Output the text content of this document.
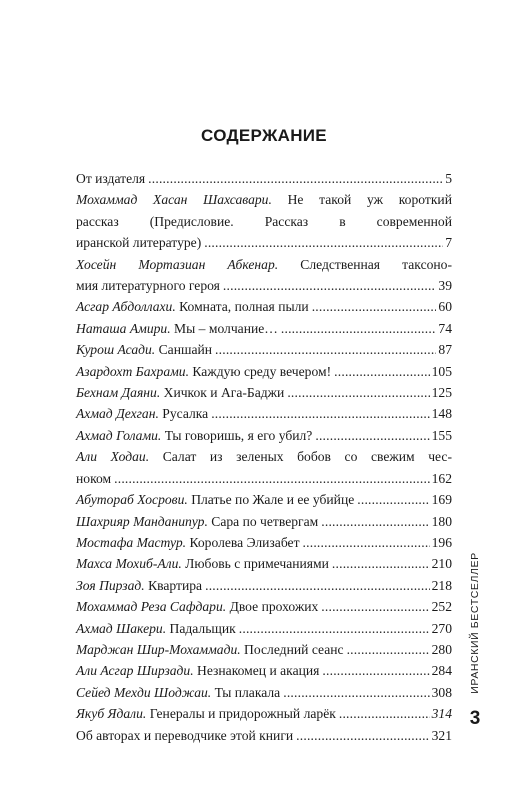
СОДЕРЖАНИЕ
От издателя . . .	5
Мохаммад Хасан Шахсавари. Не такой уж короткий
рассказ (Предисловие. Рассказ в современной
иранской литературе) . . .	7
Хосейн Мортазиан Абкенар. Следственная таксоно-
мия литературного героя . . .	39
Асгар Абдоллахи. Комната, полная пыли . . .	60
Наташа Амири. Мы – молчание… . . .	74
Курош Асади. Саншайн . . .	87
Азардохт Бахрами. Каждую среду вечером! . . .	105
Бехнам Даяни. Хичкок и Ага-Баджи . . .	125
Ахмад Дехган. Русалка . . .	148
Ахмад Голами. Ты говоришь, я его убил? . . .	155
Али Ходаи. Салат из зеленых бобов со свежим чес-
ноком . . .	162
Абутораб Хосрови. Платье по Жале и ее убийце . . .	169
Шахрияр Манданипур. Сара по четвергам . . .	180
Мостафа Мастур. Королева Элизабет . . .	196
Махса Мохиб-Али. Любовь с примечаниями . . .	210
Зоя Пирзад. Квартира . . .	218
Мохаммад Реза Сафдари. Двое прохожих . . .	252
Ахмад Шакери. Падальщик . . .	270
Марджан Шир-Мохаммади. Последний сеанс . . .	280
Али Асгар Ширзади. Незнакомец и акация . . .	284
Сейед Мехди Шоджаи. Ты плакала . . .	308
Якуб Ядали. Генералы и придорожный ларёк . . .	314
Об авторах и переводчике этой книги . . .	321
ИРАНСКИЙ БЕСТСЕЛЛЕР
3
